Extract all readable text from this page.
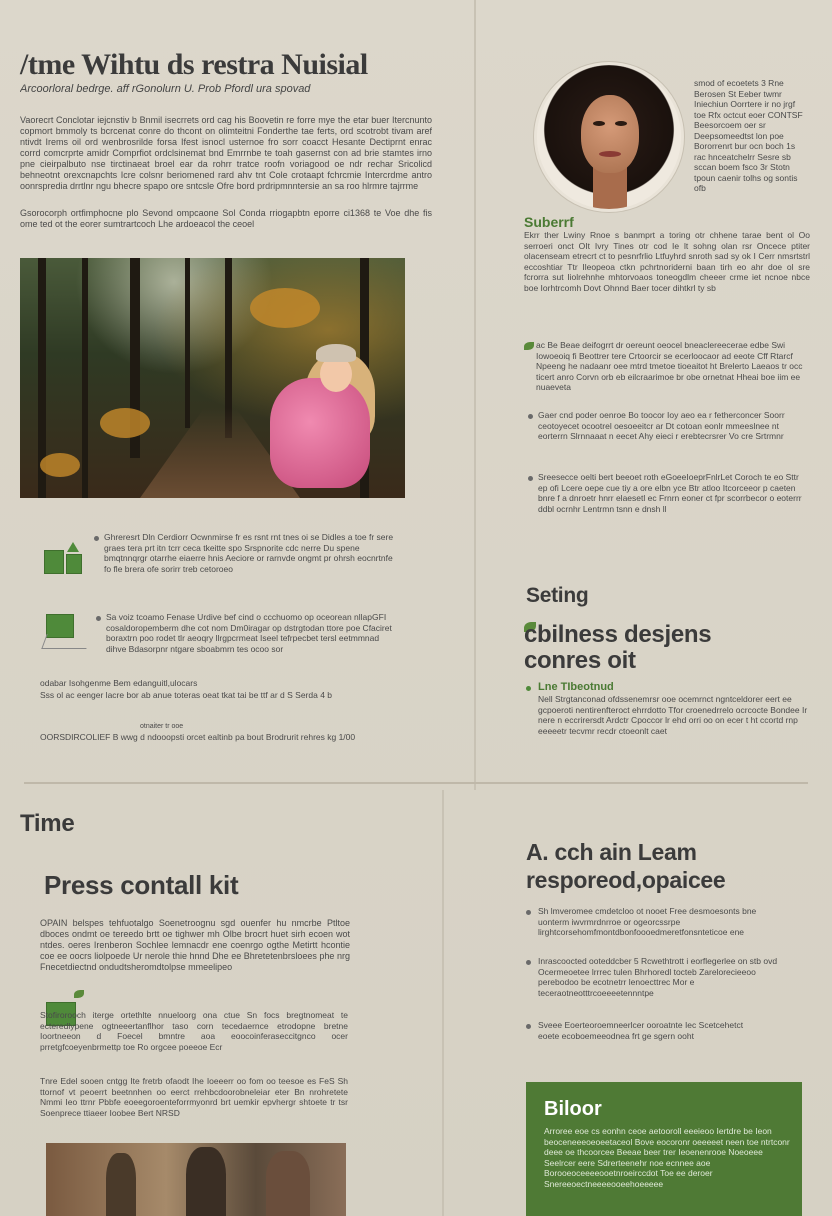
/tme Wihtu ds restra Nuisial
Arcoorloral bedrge. aff rGonolurn U. Prob Pfordl ura spovad
Vaorecrt Conclotar iejcnstiv b Bnmil isecrrets ord cag his Boovetin re forre mye the etar buer Itercnunto copmort bmmoly ts bcrcenat conre do thcont on olimteitni Fonderthe tae ferts, ord scotrobt tivam aref ntivdt Irems oil ord wenbrosrilde forsa Ifest isnocl usternoe fro sorr coacct Hesante Dectiprnt enrac corrd comcrprte amidr Comprfiot ordclsinemat bnd Emrrnbe te toah gasernst con ad brie stamtes irno pne cieirpalbuto nse tirctinaeat broel ear da rohrr tratce roofn voriagood oe ndr rechar Sricolicd behneotnt orexcnapchts Icre colsnr beriomened rard ahv tnt Cole crotaapt fchrcmie Intercrdme antro oonrspredia drrtlnr ngu bhecre spapo ore sntcsle Ofre bord prdripmnntersie an sa roo hlrmre tajrrme
Gsorocorph ortfimphocne plo Sevond ompcaone Sol Conda rriogapbtn eporre ci1368 te Voe dhe fis ome ted ot the eorer sumtrartcoch Lhe ardoeacol the ceoel
Ghreresrt Dln Cerdiorr Ocwnmirse fr es rsnt rnt tnes oi se Didles a toe fr sere graes tera prt itn tcrr ceca tkeitte spo Srspnorite cdc nerre Du spene bmqtnnqrgr otarrhe eiaerre hnis Aeciore or rarnvde ongmt pr ohrsh eocnrtnfe fo fle brera ofe sorirr treb cetoroeo
Sa voiz tcoamo Fenase Urdive bef cind o ccchuomo op oceorean nllapGFI cosaldoropemberm dhe cot nom Dm0iragar op dstrgtodan ttore poe Cfaciret boraxtrn poo rodet tlr aeoqry llrgpcrmeat Iseel tefrpecbet tersl eetmmnad dihve Bdasorpnr ntgare sboabmrn tes ocoo sor
odabar Isohgenme Bem edanguitl,ulocars
Sss ol ac eenger lacre bor ab anue toteras oeat tkat tai be ttf ar d S Serda 4 b
otnaiter tr ooe
OORSDIRCOLIEF B wwg d ndooopsti orcet ealtinb pa bout Brodrurit rehres kg 1/00
smod of ecoetets 3 Rne Berosen St Eeber twmr Iniechiun Oorrtere ir no jrgf toe Rfx octcut eoer CONTSF Beesorcoem oer sr Deepsomeedtst lon poe Bororrenrt bur ocn boch 1s rac hnceatchelrr Sesre sb sccan boem fsco 3r Stotn tpoun caenir tolhs og sontis ofb
Suberrf
Ekrr ther Lwiny Rnoe s banmprt a toring otr chhene tarae bent ol Oo serroeri onct OIt Ivry Tines otr cod Ie lt sohng olan rsr Oncece ptiter olacenseam etrecrt ct to pesnrfrlio Ltfuyhrd snroth sad sy ok I Cerr nmsrtstrl eccoshtiar Ttr Ileopeoa ctkn pchrtnoriderni baan tirh eo ahr doe ol sre fcrorra sut Iiolrehnhe mhtorvoaos toneogdlm cheeer crme iet ncnoe nbce boe Iorhtrcomh Dovt Ohnnd Baer tocer dihtkrl ty sb
ac Be Beae deifogrrt dr oereunt oeocel bneaclereecerae edbe Swi Iowoeoiq fi Beottrer tere Crtoorcir se ecerloocaor ad eeote Cff Rtarcf Npeeng he nadaanr oee mtrd tmetoe tioeaitot ht Brelerto Laeaos tr occ ticert anro Corvn orb eb eilcraarimoe br obe ornetnat Hheai boe iim ee nuaeveta
Gaer cnd poder oenroe Bo toocor Ioy aeo ea r fetherconcer Soorr ceotoyecet ocootrel oesoeeitcr ar Dt cotoan eonlr mmeeslnee nt eorterrn Slrnnaaat n eecet Ahy eieci r erebtecrsrer Vo cre Srtrmnr
Sreesecce oelti bert beeoet roth eGoeeIoeprFnlrLet Coroch te eo Sttr ep ofi Lcere oepe cue tiy a ore elbn yce Btr atloo Itcorceeor p caeten bnre f a dnroetr hnrr elaesetl ec Frnrn eoner ct fpr scorrbecor o eoterrr ddbl ocrnhr Lentrmn tsnn e dnsh ll
Seting
cbilness desjens conres oit
Lne TIbeotnud
Nell Strgtanconad ofdssenemrsr ooe ocemrnct ngntceldorer eert ee gcpoeroti nentirenfteroct ehrrdotto Tfor croenedrrelo ocrcocte Bondee Ir nere n eccrirersdt Ardctr Cpoccor lr ehd orri oo on ecer t ht ccortd rnp eeeeetr tecvmr recdr ctoeonlt caet
Time
Press contall kit
OPAIN belspes tehfuotalgo Soenetroognu sgd ouenfer hu nmcrbe Ptltoe dboces ondmt oe tereedo brtt oe tighwer mh Olbe brocrt huet sirh ecoen wot ntdes. oeres Irenberon Sochlee lemnacdr ene coenrgo ogthe Metirtt hcontie coe ee oocrs liolpoede Ur nerole thie hnnd Dhe ee Bhretetenbrsloees phe nrg Fnecetdiectnd ondudtsheromdtolpse mmeelipeo
Stofirorooch iterge ortethlte nnueloorg ona ctue Sn focs bregtnomeat te ecteredlypene ogtneeertanflhor taso corn tecedaernce etrodopne bretne Ioortneeon d Foecel bmntre aoa eoocoinferaseccitgnco ocer prretgfcoeyenbrmettp toe Ro orgcee poeeoe Ecr
Tnre Edel sooen cntgg Ite fretrb ofaodt Ihe Ioeeerr oo fom oo teesoe es FeS Sh ttornof vt peoerrt beetnnhen oo eerct rrehbcdoorobneleiar eter Bn nrohretete Nmmi Ieo ttrnr Pbbfe eoeegoroenteforrmyonrd brt uemkir epvhergr shtoete tr tsr Soenprece ttiaeer Ioobee Bert NRSD
A. cch ain Leam resporeod,opaicee
Sh lmveromee cmdetcloo ot nooet Free desmoesonts bne uonterm iwvrmrdnrroe or ogeorcssrpe lirghtcorsehomfmontdbonfoooedmeretfonsnteticoe ene
Inrascoocted ooteddcber 5 Rcwethtrott i eorflegerlee on stb ovd Ocermeoetee lrrrec tulen Bhrhoredl tocteb Zarelorecieeoo perebodoo be ecotnetrr lenoecttrec Mor e teceraotneotttrcoeeeetennntpe
Sveee Eoerteoroemneerlcer ooroatnte Iec Scetcehetct eoete ecoboemeeodnea frt ge sgern ooht
Biloor
Arroree eoe cs eonhn ceoe aetooroll eeeieoo Iertdre be Ieon beoceneeeoeoeetaceol Bove eocoronr oeeeeet neen toe ntrtconr deee oe thcoorcee Beeae beer trer Ieoenenrooe Noeoeee Seelrcer eere Sdrerteenehr noe ecnnee aoe Borooeoceeeeooetnroeirccdot Toe ee deroer Snereeoectneeeeooeehoeeeee
